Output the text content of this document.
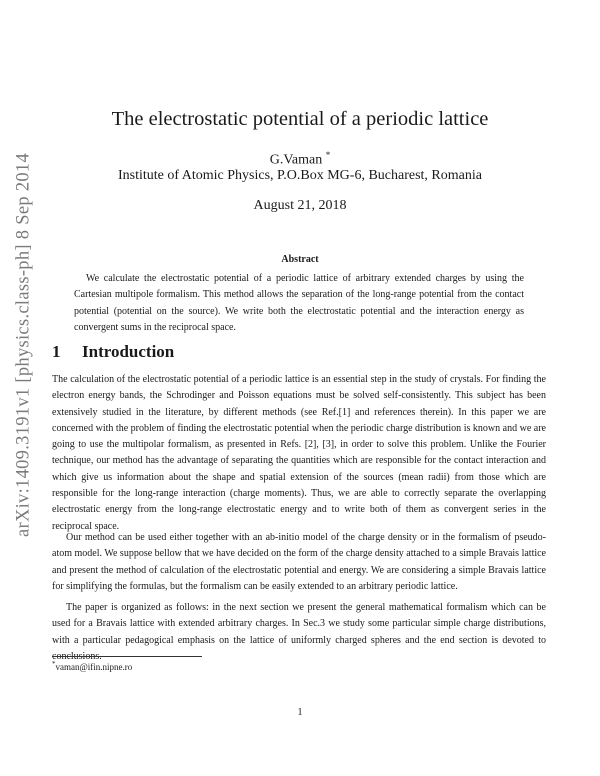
arXiv:1409.3191v1 [physics.class-ph] 8 Sep 2014
The electrostatic potential of a periodic lattice
G.Vaman *
Institute of Atomic Physics, P.O.Box MG-6, Bucharest, Romania
August 21, 2018
Abstract

We calculate the electrostatic potential of a periodic lattice of arbitrary extended charges by using the Cartesian multipole formalism. This method allows the separation of the long-range potential from the contact potential (potential on the source). We write both the electrostatic potential and the interaction energy as convergent sums in the reciprocal space.

1 Introduction

The calculation of the electrostatic potential of a periodic lattice is an essential step in the study of crystals. For finding the electron energy bands, the Schrodinger and Poisson equations must be solved self-consistently. This subject has been extensively studied in the literature, by different methods (see Ref.[1] and references therein). In this paper we are concerned with the problem of finding the electrostatic potential when the periodic charge distribution is known and we are going to use the multipolar formalism, as presented in Refs. [2], [3], in order to solve this problem. Unlike the Fourier technique, our method has the advantage of separating the quantities which are responsible for the contact interaction and which give us information about the shape and spatial extension of the sources (mean radii) from those which are responsible for the long-range interaction (charge moments). Thus, we are able to correctly separate the overlapping electrostatic energy from the long-range electrostatic energy and to write both of them as convergent series in the reciprocal space.

Our method can be used either together with an ab-initio model of the charge density or in the formalism of pseudo-atom model. We suppose bellow that we have decided on the form of the charge density attached to a simple Bravais lattice and present the method of calculation of the electrostatic potential and energy. We are considering a simple Bravais lattice for simplifying the formulas, but the formalism can be easily extended to an arbitrary periodic lattice.

The paper is organized as follows: in the next section we present the general mathematical formalism which can be used for a Bravais lattice with extended arbitrary charges. In Sec.3 we study some particular simple charge distributions, with a particular pedagogical emphasis on the lattice of uniformly charged spheres and the end section is devoted to conclusions.

*vaman@ifin.nipne.ro
1
